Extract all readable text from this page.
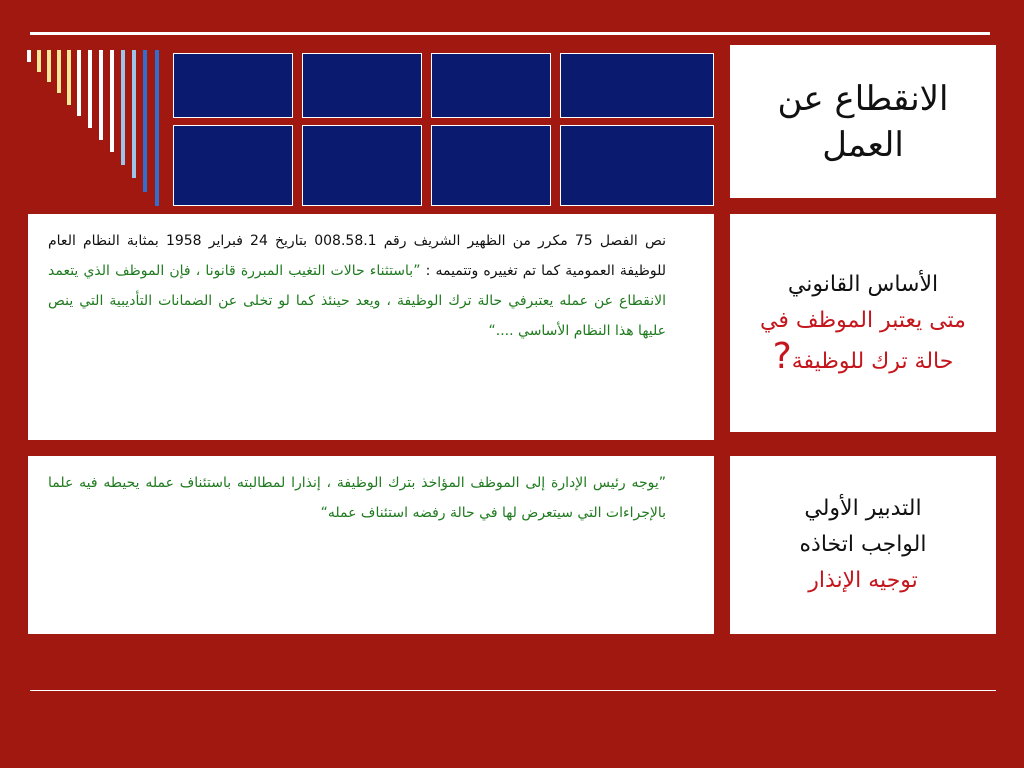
الانقطاع عن
العمل
الأساس القانوني
متى يعتبر الموظف في
حالة ترك للوظيفة?
التدبير الأولي
الواجب اتخاذه
توجيه الإنذار

نص الفصل 75 مكرر من الظهير الشريف رقم 008.58.1 بتاريخ 24 فبراير 1958 بمثابة النظام العام للوظيفة العمومية كما تم تغييره وتتميمه : ”باستثناء حالات التغيب المبررة قانونا ، فإن الموظف الذي يتعمد الانقطاع عن عمله يعتبرفي حالة ترك الوظيفة ، ويعد حينئذ كما لو تخلى عن الضمانات التأديبية التي ينص عليها هذا النظام الأساسي ....“

”يوجه رئيس الإدارة إلى الموظف المؤاخذ بترك الوظيفة ، إنذارا لمطالبته باستئناف عمله يحيطه فيه علما بالإجراءات التي سيتعرض لها في حالة رفضه استئناف عمله“
